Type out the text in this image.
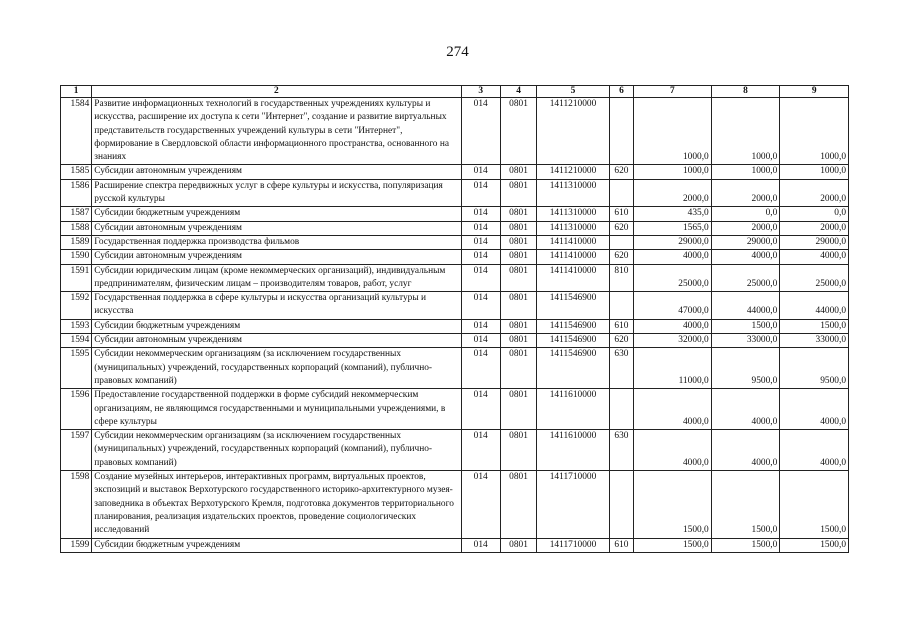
274
1	2	3	4	5	6	7	8	9
1584	Развитие информационных технологий в государственных учреждениях культуры и искусства, расширение их доступа к сети "Интернет", создание и развитие виртуальных представительств государственных учреждений культуры в сети "Интернет", формирование в Свердловской области информационного пространства, основанного на знаниях	014	0801	1411210000		1000,0	1000,0	1000,0
1585	Субсидии автономным учреждениям	014	0801	1411210000	620	1000,0	1000,0	1000,0
1586	Расширение спектра передвижных услуг в сфере культуры и искусства, популяризация русской культуры	014	0801	1411310000		2000,0	2000,0	2000,0
1587	Субсидии бюджетным учреждениям	014	0801	1411310000	610	435,0	0,0	0,0
1588	Субсидии автономным учреждениям	014	0801	1411310000	620	1565,0	2000,0	2000,0
1589	Государственная поддержка производства фильмов	014	0801	1411410000		29000,0	29000,0	29000,0
1590	Субсидии автономным учреждениям	014	0801	1411410000	620	4000,0	4000,0	4000,0
1591	Субсидии юридическим лицам (кроме некоммерческих организаций), индивидуальным предпринимателям, физическим лицам – производителям товаров, работ, услуг	014	0801	1411410000	810	25000,0	25000,0	25000,0
1592	Государственная поддержка в сфере культуры и искусства организаций культуры и искусства	014	0801	1411546900		47000,0	44000,0	44000,0
1593	Субсидии бюджетным учреждениям	014	0801	1411546900	610	4000,0	1500,0	1500,0
1594	Субсидии автономным учреждениям	014	0801	1411546900	620	32000,0	33000,0	33000,0
1595	Субсидии некоммерческим организациям (за исключением государственных (муниципальных) учреждений, государственных корпораций (компаний), публично-правовых компаний)	014	0801	1411546900	630	11000,0	9500,0	9500,0
1596	Предоставление государственной поддержки в форме субсидий некоммерческим организациям, не являющимся государственными и муниципальными учреждениями, в сфере культуры	014	0801	1411610000		4000,0	4000,0	4000,0
1597	Субсидии некоммерческим организациям (за исключением государственных (муниципальных) учреждений, государственных корпораций (компаний), публично-правовых компаний)	014	0801	1411610000	630	4000,0	4000,0	4000,0
1598	Создание музейных интерьеров, интерактивных программ, виртуальных проектов, экспозиций и выставок Верхотурского государственного историко-архитектурного музея-заповедника в объектах Верхотурского Кремля, подготовка документов территориального планирования, реализация издательских проектов, проведение социологических исследований	014	0801	1411710000		1500,0	1500,0	1500,0
1599	Субсидии бюджетным учреждениям	014	0801	1411710000	610	1500,0	1500,0	1500,0
